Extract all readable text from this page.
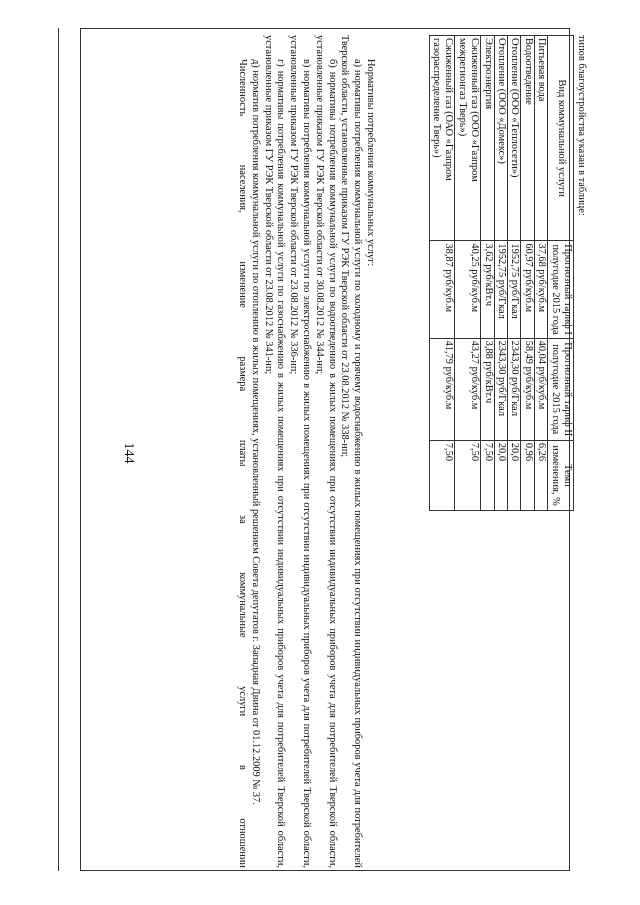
144
типов благоустройства указан в таблице:
Вид коммунальной услуги	Прогнозный тариф I полугодие 2015 года	Прогнозный тариф II полугодие 2015 года	Темп изменения, %
Питьевая вода	37,68 руб/куб.м	40,04 руб/куб.м	6,26
Водоотведение	60,97 руб/куб.м	58,49 руб/куб.м	0,96
Отопление (ООО «Теплосети»)	1952,75 руб/Гкал	2343,30 руб/Гкал	20,0
Отопление (ООО «Домекс»)	1952,75 руб/Гкал	2343,30 руб/Гкал	20,0
Электроэнергия	3,62 руб/кВт.ч	3,88 руб/кВт.ч	7,50
Сжиженный газ (ООО «Газпром межрегионгаз Тверь»)	40,25 руб/куб.м	43,27 руб/куб.м	7,50
Сжиженный газ (ОАО «Газпром газораспределение Тверь»)	38,87 руб/куб.м	41,79 руб/куб.м	7,50

Нормативы потребления коммунальных услуг:

а) нормативы потребления коммунальной услуги по холодному и горячему водоснабжению в жилых помещениях при отсутствии индивидуальных приборов учета для потребителей Тверской области, установленные приказом ГУ РЭК Тверской области от 23.08.2012 № 338-нп;

б) нормативы потребления коммунальной услуги по водоотведению в жилых помещениях при отсутствии индивидуальных приборов учета для потребителей Тверской области, установленные приказом ГУ РЭК Тверской области от 30.08.2012 № 344-нп;

в) нормативы потребления коммунальной услуги по электроснабжению в жилых помещениях при отсутствии индивидуальных приборов учета для потребителей Тверской области, установленные приказом ГУ РЭК Тверской области от 23.08.2012 № 336-нп;

г) нормативы потребления коммунальной услуги по газоснабжению в жилых помещениях при отсутствии индивидуальных приборов учета для потребителей Тверской области, установленные приказом ГУ РЭК Тверской области от 23.08.2012 № 341-нп;

д) норматив потребления коммунальной услуги по отоплению в жилых помещениях, установленный решением Совета депутатов г. Западная Двина от 01.12.2009 № 37.

Численность населения, изменение размера платы за коммунальные услуги в отношении
